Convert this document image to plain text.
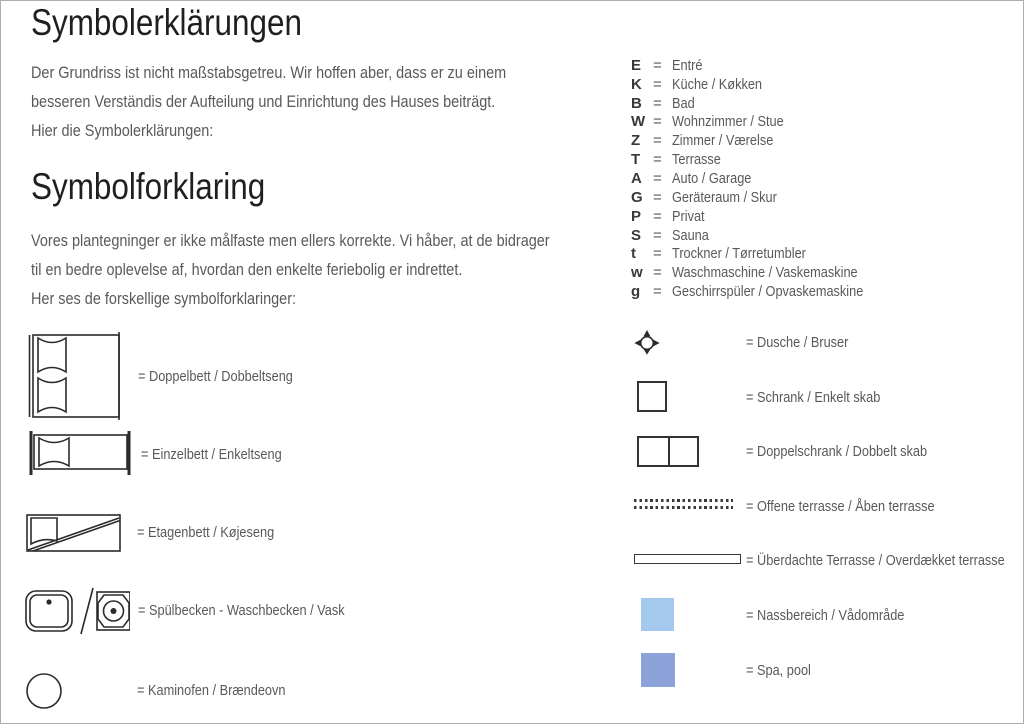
Symbolerklärungen
Der Grundriss ist nicht maßstabsgetreu. Wir hoffen aber, dass er zu einem
besseren Verständis der Aufteilung und Einrichtung des Hauses beiträgt.
Hier die Symbolerklärungen:
Symbolforklaring
Vores plantegninger er ikke målfaste men ellers korrekte. Vi håber, at de bidrager
til en bedre oplevelse af, hvordan den enkelte feriebolig er indrettet.
Her ses de forskellige symbolforklaringer:
E = Entré
K = Küche / Køkken
B = Bad
W = Wohnzimmer / Stue
Z = Zimmer / Værelse
T = Terrasse
A = Auto / Garage
G = Geräteraum / Skur
P = Privat
S = Sauna
t	= Trockner / Tørretumbler
w = Waschmaschine / Vaskemaskine
g = Geschirrspüler / Opvaskemaskine
= Doppelbett / Dobbeltseng
= Einzelbett / Enkeltseng
= Etagenbett / Køjeseng
= Spülbecken - Waschbecken / Vask
= Kaminofen / Brændeovn
= Dusche / Bruser
= Schrank / Enkelt skab
= Doppelschrank / Dobbelt skab
= Offene terrasse / Åben terrasse
= Überdachte Terrasse / Overdækket terrasse
= Nassbereich / Vådområde
= Spa, pool
